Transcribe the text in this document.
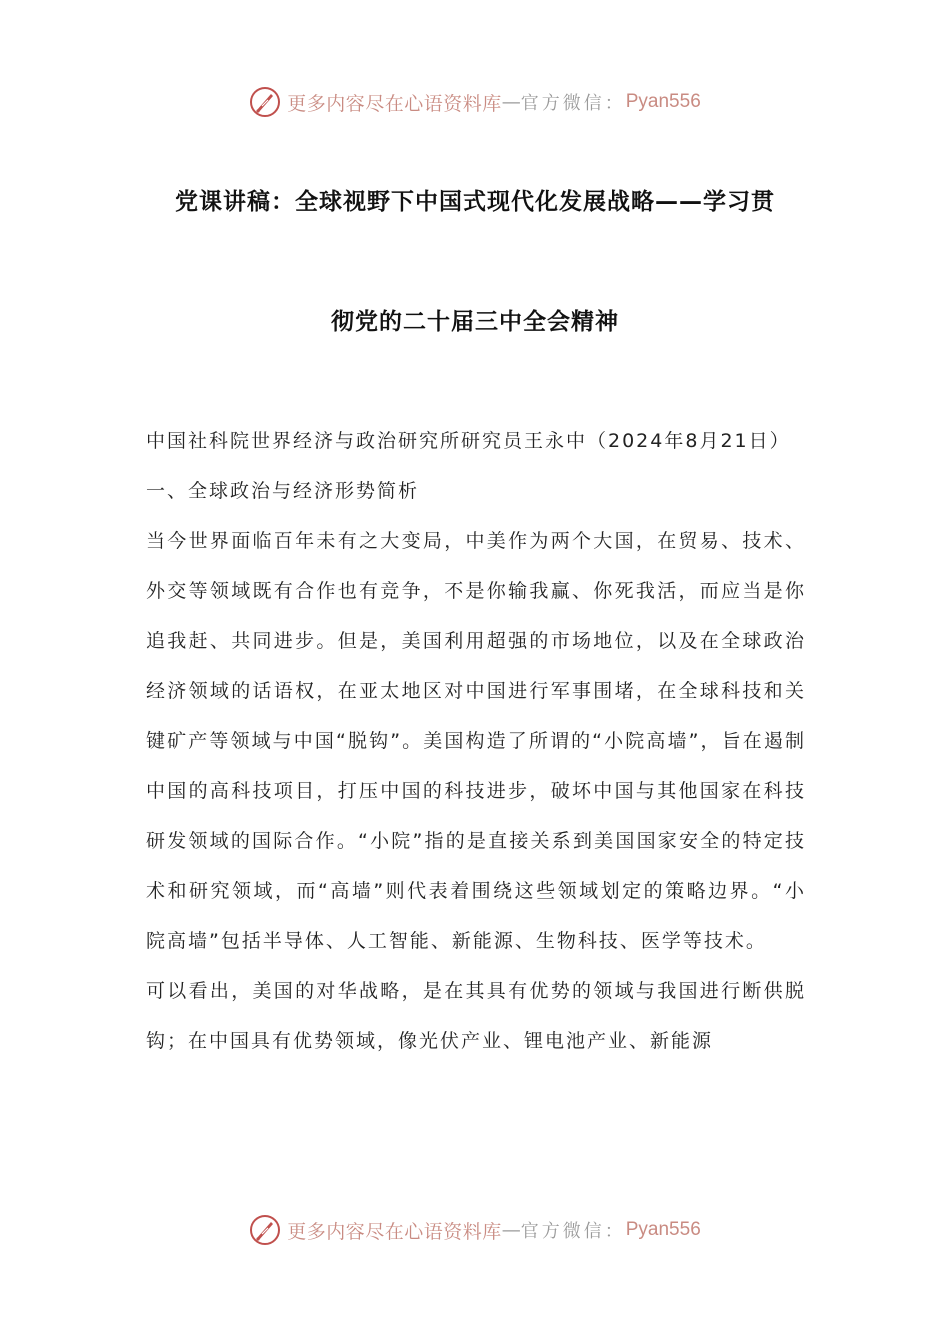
更多内容尽在心语资料库 — 官方微信： Pyan556
党课讲稿：全球视野下中国式现代化发展战略——学习贯
彻党的二十届三中全会精神

中国社科院世界经济与政治研究所研究员王永中（2024年8月21日）

一、全球政治与经济形势简析

当今世界面临百年未有之大变局，中美作为两个大国，在贸易、技术、外交等领域既有合作也有竞争，不是你输我赢、你死我活，而应当是你追我赶、共同进步。但是，美国利用超强的市场地位，以及在全球政治经济领域的话语权，在亚太地区对中国进行军事围堵，在全球科技和关键矿产等领域与中国“脱钩”。美国构造了所谓的“小院高墙”，旨在遏制中国的高科技项目，打压中国的科技进步，破坏中国与其他国家在科技研发领域的国际合作。“小院”指的是直接关系到美国国家安全的特定技术和研究领域，而“高墙”则代表着围绕这些领域划定的策略边界。“小院高墙”包括半导体、人工智能、新能源、生物科技、医学等技术。

可以看出，美国的对华战略，是在其具有优势的领域与我国进行断供脱钩；在中国具有优势领域，像光伏产业、锂电池产业、新能源

更多内容尽在心语资料库 — 官方微信： Pyan556
